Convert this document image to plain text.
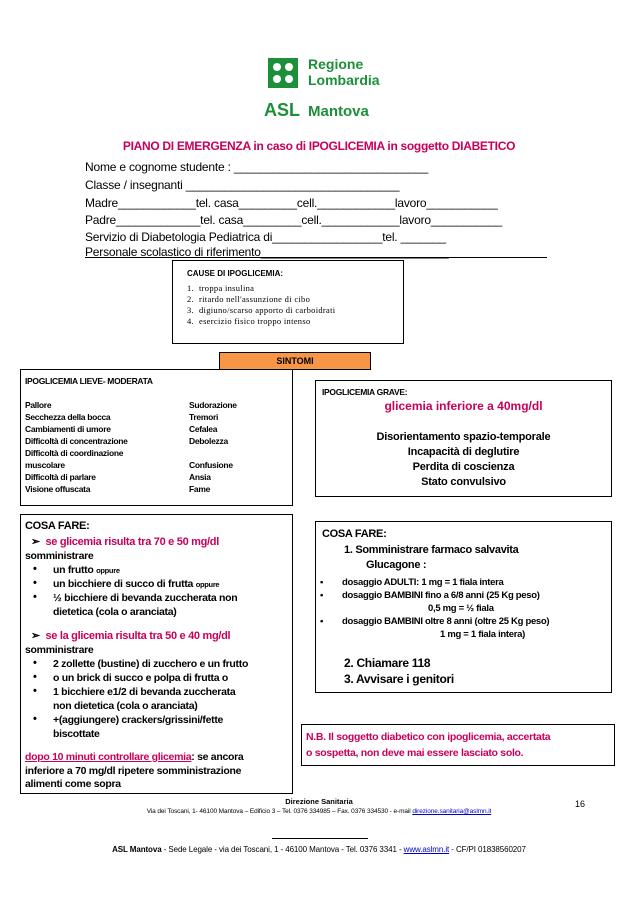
Regione
Lombardia
ASL Mantova
PIANO DI EMERGENZA in caso di IPOGLICEMIA in soggetto DIABETICO
Nome e cognome studente : ______________________________
Classe / insegnanti _________________________________
Madre____________tel. casa_________cell.____________lavoro___________
Padre_____________tel. casa_________cell.____________lavoro___________
Servizio di Diabetologia Pediatrica di_________________tel. _______
Personale scolastico di riferimento_____________________________
CAUSE DI IPOGLICEMIA:
1. troppa insulina
2. ritardo nell'assunzione di cibo
3. digiuno/scarso apporto di carboidrati
4. esercizio fisico troppo intenso
SINTOMI
IPOGLICEMIA LIEVE- MODERATA
Pallore
Secchezza della bocca
Cambiamenti di umore
Difficoltà di concentrazione
Difficoltà di coordinazione
muscolare
Difficoltà di parlare
Visione offuscata
Sudorazione
Tremori
Cefalea
Debolezza
Confusione
Ansia
Fame
IPOGLICEMIA GRAVE:
glicemia inferiore a 40mg/dl
Disorientamento spazio-temporale
Incapacità di deglutire
Perdita di coscienza
Stato convulsivo
COSA FARE:
➢  se glicemia risulta tra 70 e 50 mg/dl
somministrare
• un frutto oppure
• un bicchiere di succo di frutta oppure
• ½ bicchiere di bevanda zuccherata non
dietetica (cola o aranciata)
➢  se la glicemia risulta tra 50 e 40 mg/dl
somministrare
• 2 zollette (bustine) di zucchero e un frutto
• o un brick di succo e polpa di frutta o
• 1 bicchiere e1/2 di bevanda zuccherata
non dietetica (cola o aranciata)
• +(aggiungere) crackers/grissini/fette
biscottate
dopo 10 minuti controllare glicemia: se ancora
inferiore a 70 mg/dl ripetere somministrazione
alimenti come sopra
COSA FARE:
1. Somministrare farmaco salvavita
Glucagone :
• dosaggio ADULTI: 1 mg = 1 fiala intera
• dosaggio BAMBINI fino a 6/8 anni (25 Kg peso)
0,5 mg = ½ fiala
• dosaggio BAMBINI oltre 8 anni (oltre 25 Kg peso)
1 mg = 1 fiala intera)
2. Chiamare 118
3. Avvisare i genitori
N.B. Il soggetto diabetico con ipoglicemia, accertata
o sospetta, non deve mai essere lasciato solo.
Direzione Sanitaria	16
Via dei Toscani, 1- 46100 Mantova – Edificio 3 – Tel. 0376 334985 – Fax. 0376 334530 - e-mail direzione.sanitaria@aslmn.it
ASL Mantova - Sede Legale - via dei Toscani, 1 - 46100 Mantova - Tel. 0376 3341 - www.aslmn.it - CF/PI 01838560207
